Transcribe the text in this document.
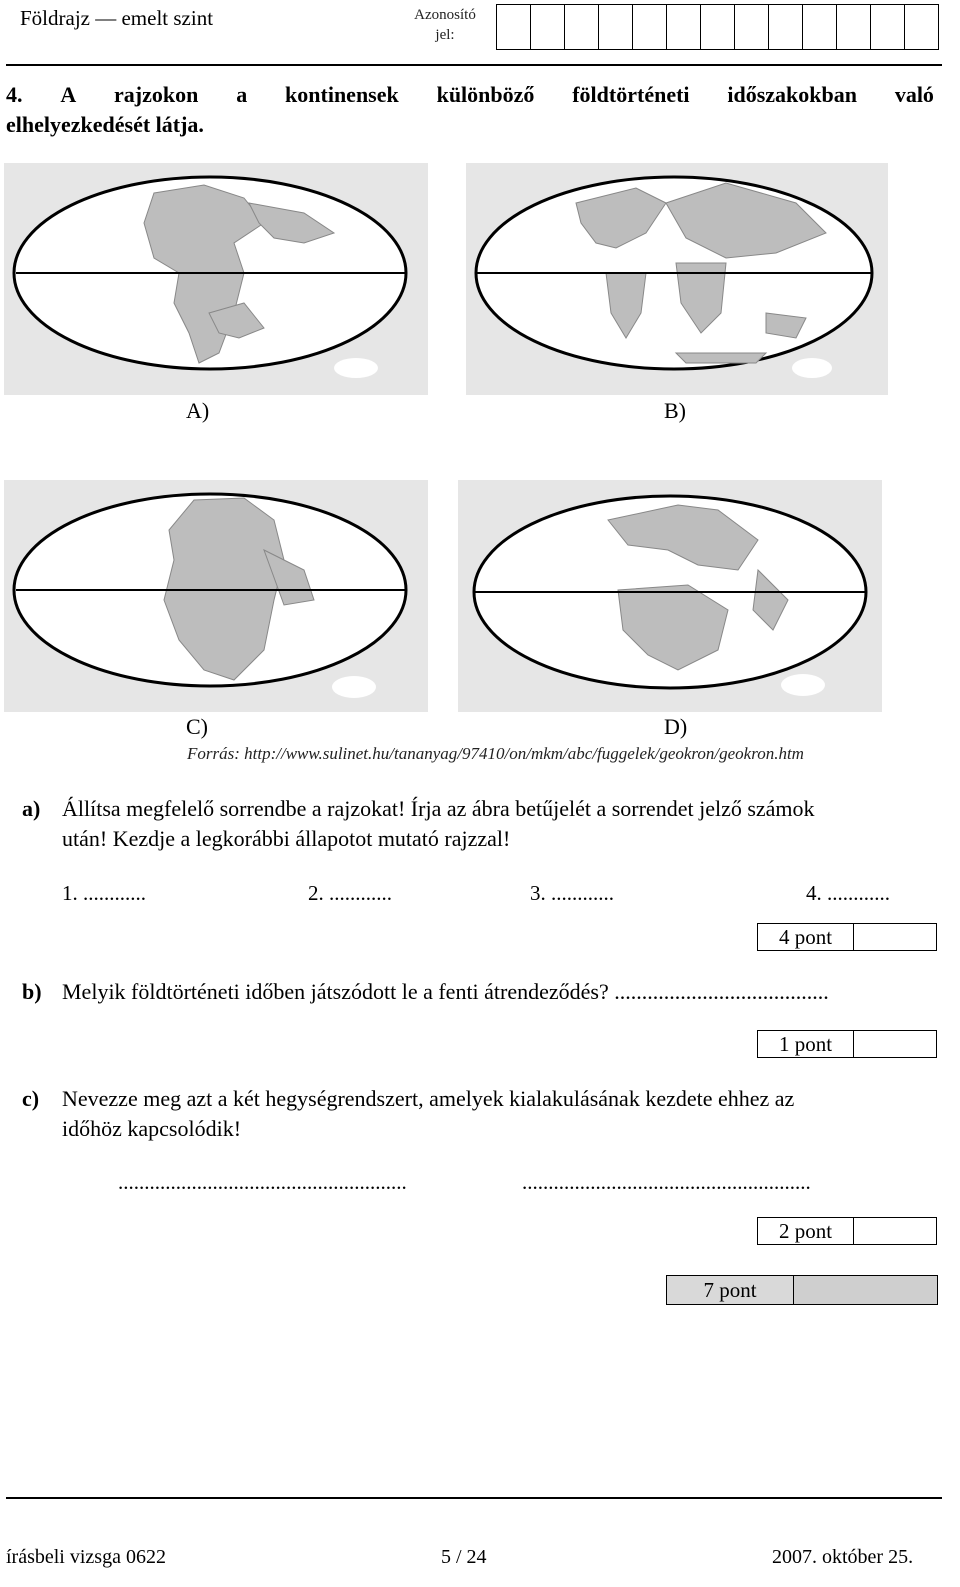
Földrajz — emelt szint	Azonosító jel:
4. A rajzokon a kontinensek különböző földtörténeti időszakokban való
elhelyezkedését látja.
A)	B)
C)	D)
Forrás: http://www.sulinet.hu/tananyag/97410/on/mkm/abc/fuggelek/geokron/geokron.htm
a) Állítsa megfelelő sorrendbe a rajzokat! Írja az ábra betűjelét a sorrendet jelző számok
után! Kezdje a legkorábbi állapotot mutató rajzzal!
1. ............	2. ............	3. ............	4. ............
4 pont
b) Melyik földtörténeti időben játszódott le a fenti átrendeződés? .......................................
1 pont
c) Nevezze meg azt a két hegységrendszert, amelyek kialakulásának kezdete ehhez az
időhöz kapcsolódik!
.......................................................	.......................................................
2 pont
7 pont
írásbeli vizsga 0622	5 / 24	2007. október 25.
